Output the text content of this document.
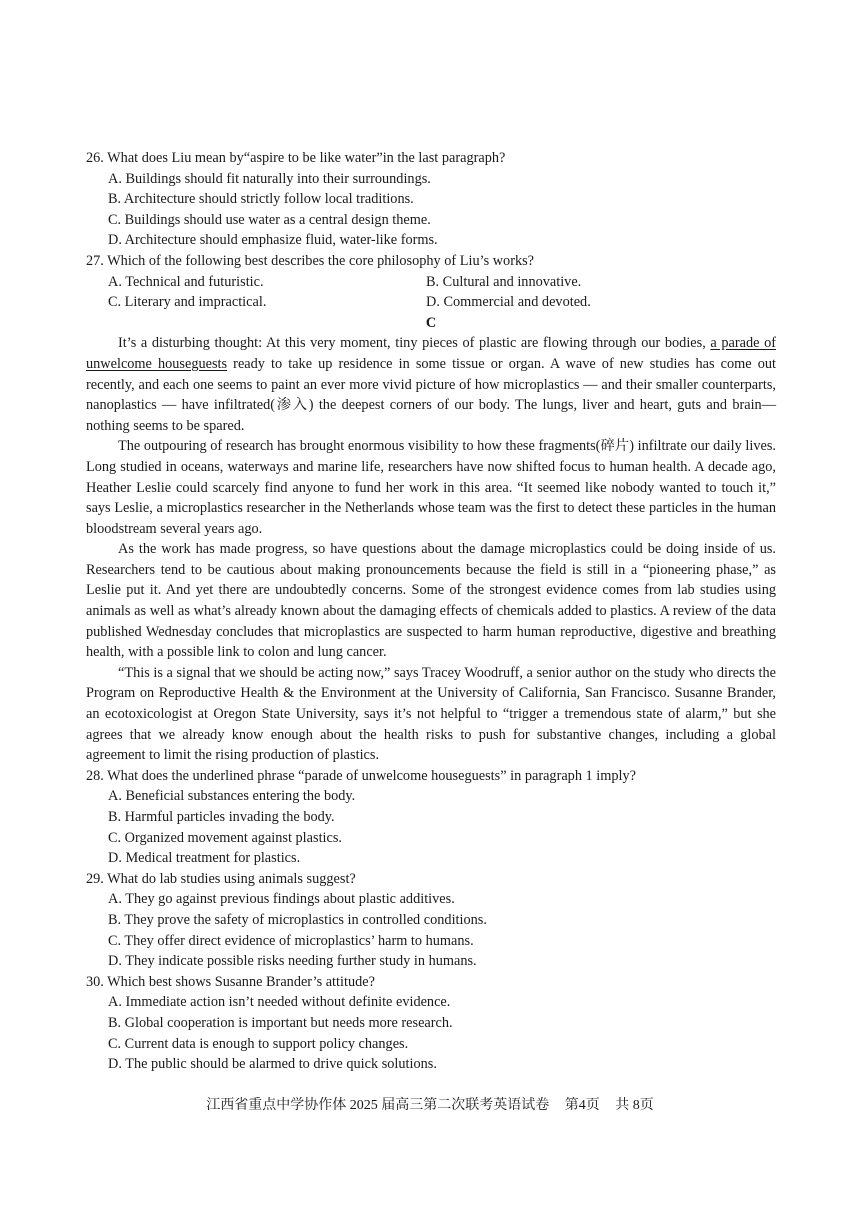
26. What does Liu mean by“aspire to be like water”in the last paragraph?

A. Buildings should fit naturally into their surroundings.

B. Architecture should strictly follow local traditions.

C. Buildings should use water as a central design theme.

D. Architecture should emphasize fluid, water-like forms.

27. Which of the following best describes the core philosophy of Liu’s works?

A. Technical and futuristic.	B. Cultural and innovative.

C. Literary and impractical.	D. Commercial and devoted.

C

It’s a disturbing thought: At this very moment, tiny pieces of plastic are flowing through our bodies, a parade of unwelcome houseguests ready to take up residence in some tissue or organ. A wave of new studies has come out recently, and each one seems to paint an ever more vivid picture of how microplastics — and their smaller counterparts, nanoplastics — have infiltrated(渗入) the deepest corners of our body. The lungs, liver and heart, guts and brain— nothing seems to be spared.

The outpouring of research has brought enormous visibility to how these fragments(碎片) infiltrate our daily lives. Long studied in oceans, waterways and marine life, researchers have now shifted focus to human health. A decade ago, Heather Leslie could scarcely find anyone to fund her work in this area. “It seemed like nobody wanted to touch it,” says Leslie, a microplastics researcher in the Netherlands whose team was the first to detect these particles in the human bloodstream several years ago.

As the work has made progress, so have questions about the damage microplastics could be doing inside of us. Researchers tend to be cautious about making pronouncements because the field is still in a “pioneering phase,” as Leslie put it. And yet there are undoubtedly concerns. Some of the strongest evidence comes from lab studies using animals as well as what’s already known about the damaging effects of chemicals added to plastics. A review of the data published Wednesday concludes that microplastics are suspected to harm human reproductive, digestive and breathing health, with a possible link to colon and lung cancer.

“This is a signal that we should be acting now,” says Tracey Woodruff, a senior author on the study who directs the Program on Reproductive Health & the Environment at the University of California, San Francisco. Susanne Brander, an ecotoxicologist at Oregon State University, says it’s not helpful to “trigger a tremendous state of alarm,” but she agrees that we already know enough about the health risks to push for substantive changes, including a global agreement to limit the rising production of plastics.

28. What does the underlined phrase “parade of unwelcome houseguests” in paragraph 1 imply?

A. Beneficial substances entering the body.

B. Harmful particles invading the body.

C. Organized movement against plastics.

D. Medical treatment for plastics.

29. What do lab studies using animals suggest?

A. They go against previous findings about plastic additives.

B. They prove the safety of microplastics in controlled conditions.

C. They offer direct evidence of microplastics’ harm to humans.

D. They indicate possible risks needing further study in humans.

30. Which best shows Susanne Brander’s attitude?

A. Immediate action isn’t needed without definite evidence.

B. Global cooperation is important but needs more research.

C. Current data is enough to support policy changes.

D. The public should be alarmed to drive quick solutions.

江西省重点中学协作体 2025 届高三第二次联考英语试卷 第4页 共 8页
